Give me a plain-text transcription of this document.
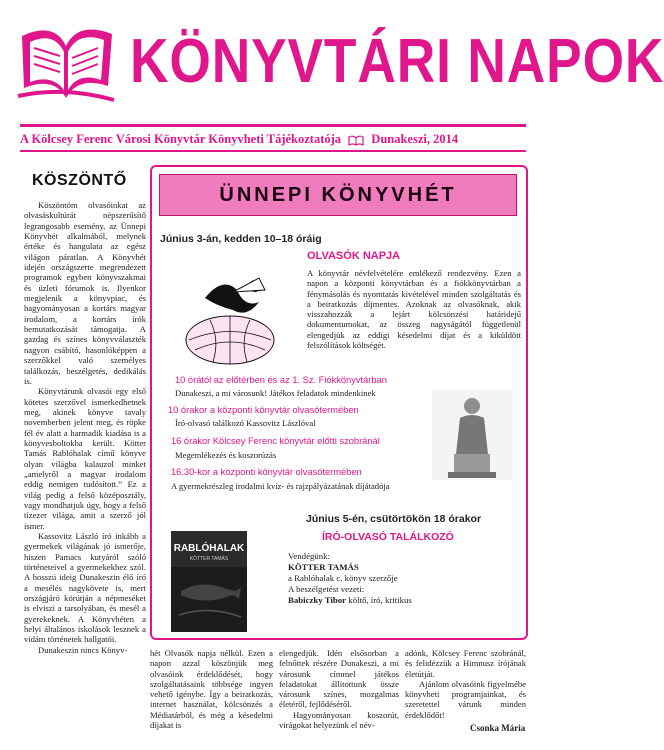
KÖNYVTÁRI NAPOK
A Kölcsey Ferenc Városi Könyvtár Könyvheti Tájékoztatója Dunakeszi, 2014
KÖSZÖNTŐ

Köszöntöm olvasóinkat az olvasáskultúrát népszerűsítő legrangosabb esemény, az Ünnepi Könyvhét alkalmából, melynek értéke és hangulata az egész világon páratlan. A Könyvhét idején országszerte megrendezett programok egyben könyvszakmai és üzleti fórumok is. Ilyenkor megjelenik a könyvpiac, és hagyományosan a kortárs magyar irodalom, a kortárs írók bemutatkozását támogatja. A gazdag és színes könyvválaszték nagyon csábító, hasonlóképpen a szerzőkkel való személyes találkozás, beszélgetés, dedikálás is.

Könyvtárunk olvasói egy első kötetes szerzővel ismerkedhetnek meg, akinek könyve tavaly novemberben jelent meg, és röpke fél év alatt a harmadik kiadása is a könyvesboltokba került. Kötter Tamás Rablóhalak című könyve olyan világba kalauzol minket „amelyről a magyar irodalom eddig nemigen tudósított.” Ez a világ pedig a felső középosztály, vagy mondhatjuk úgy, hogy a felső tízezer világa, amit a szerző jól ismer.

Kassovitz László író inkább a gyermekek világának jó ismerője, hiszen Pamacs kutyáról szóló történeteivel a gyermekekhez szól. A hosszú ideig Dunakeszin élő író a mesélés nagykövete is, mert országjáró körútján a népmeséket is elviszi a tarsolyában, és mesél a gyerekeknek. A Könyvhéten a helyi általános iskolások lesznek a vidám történetek hallgatói.

Dunakeszin nincs Könyv-

ÜNNEPI KÖNYVHÉT
Június 3-án, kedden 10–18 óráig
OLVASÓK NAPJA
A könyvtár névfelvételére emlékező rendezvény. Ezen a napon a központi könyvtárban és a fiókkönyvtárban a fénymásolás és nyomtatás kivételével minden szolgáltatás és a beiratkozás díjmentes. Azoknak az olvasóknak, akik visszahozzák a lejárt kölcsönzési határidejű dokumentumokat, az összeg nagyságától függetlenül elengedjük az eddigi késedelmi díjat és a kiküldött felszólítások költségét.
10 órától az előtérben és az 1. Sz. Fiókkönyvtárban
Dunakeszi, a mi városunk! Játékos feladatok mindenkinek
10 órakor a központi könyvtár olvasótermében
Író-olvasó találkozó Kassovitz Lászlóval
16 órakor Kölcsey Ferenc könyvtár előtti szobránál
Megemlékezés és koszorúzás
16.30-kor a központi könyvtár olvasótermében
A gyermekrészleg irodalmi kvíz- és rajzpályázatának díjátadója
Június 5-én, csütörtökön 18 órakor
ÍRÓ-OLVASÓ TALÁLKOZÓ
RABLÓHALAK
KÖTTER TAMÁS	Vendégünk:
KÖTTER TAMÁS
a Rablóhalak c. könyv szerzője
A beszélgetést vezeti:
Babiczky Tibor költő, író, kritikus

hét Olvasók napja nélkül. Ezen a napon azzal köszönjük meg olvasóink érdeklődését, hogy szolgáltatásaink többsége ingyen vehető igénybe. Így a beiratkozás, internet használat, kölcsönzés a Médiatárból, és még a késedelmi díjakat is

elengedjük. Idén elsősorban a felnőttek részére Dunakeszi, a mi városunk címmel játékos feladatokat állítottunk össze városunk színes, mozgalmas életéről, fejlődéséről.

Hagyományosan koszorút, virágokat helyezünk el név-

adónk, Kölcsey Ferenc szobránál, és felidézzük a Himnusz írójának életútját.

Ajánlom olvasóink figyelmébe könyvheti programjainkat, és szeretettel várunk minden érdeklődőt!

Csonka Mária
